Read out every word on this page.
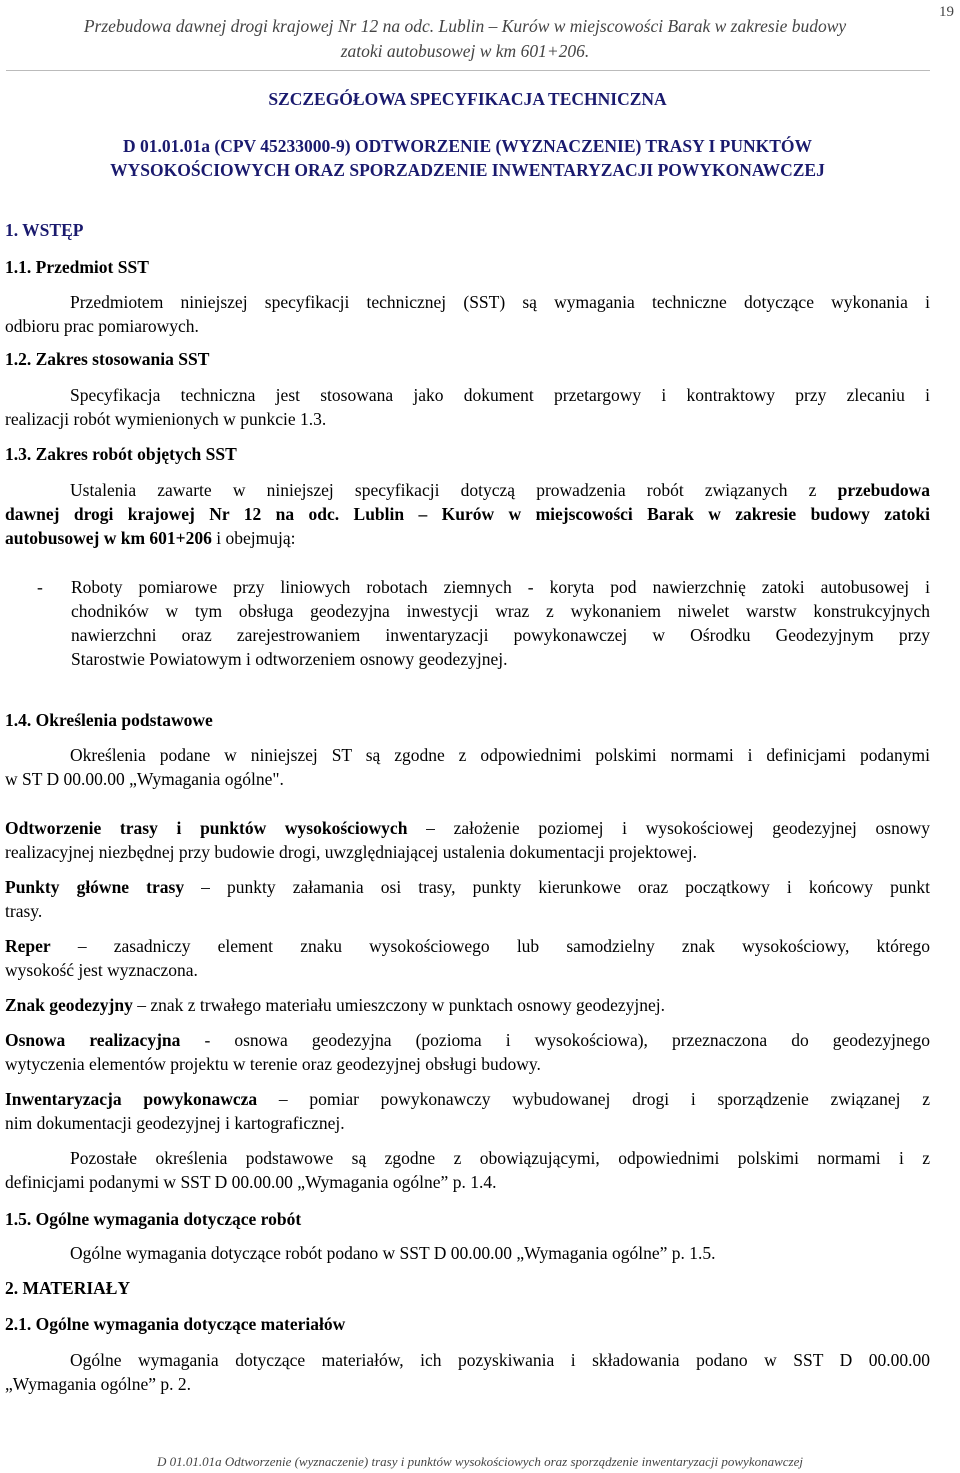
19
Przebudowa dawnej drogi krajowej Nr 12 na odc. Lublin – Kurów w miejscowości Barak w zakresie budowy
zatoki autobusowej w km 601+206.
SZCZEGÓŁOWA SPECYFIKACJA TECHNICZNA
D 01.01.01a (CPV 45233000-9) ODTWORZENIE (WYZNACZENIE) TRASY I PUNKTÓW
WYSOKOŚCIOWYCH ORAZ SPORZADZENIE INWENTARYZACJI POWYKONAWCZEJ
1. WSTĘP
1.1. Przedmiot SST
Przedmiotem niniejszej specyfikacji technicznej (SST) są wymagania techniczne dotyczące wykonania i
odbioru prac pomiarowych.
1.2. Zakres stosowania SST
Specyfikacja techniczna jest stosowana jako dokument przetargowy i kontraktowy przy zlecaniu i
realizacji robót wymienionych w punkcie 1.3.
1.3. Zakres robót objętych SST
Ustalenia zawarte w niniejszej specyfikacji dotyczą prowadzenia robót związanych z przebudowa
dawnej drogi krajowej Nr 12 na odc. Lublin – Kurów w miejscowości Barak w zakresie budowy zatoki
autobusowej w km 601+206 i obejmują:
- Roboty pomiarowe przy liniowych robotach ziemnych - koryta pod nawierzchnię zatoki autobusowej i
chodników w tym obsługa geodezyjna inwestycji wraz z wykonaniem niwelet warstw konstrukcyjnych
nawierzchni oraz zarejestrowaniem inwentaryzacji powykonawczej w Ośrodku Geodezyjnym przy
Starostwie Powiatowym i odtworzeniem osnowy geodezyjnej.
1.4. Określenia podstawowe
Określenia podane w niniejszej ST są zgodne z odpowiednimi polskimi normami i definicjami podanymi
w ST D 00.00.00 „Wymagania ogólne".
Odtworzenie trasy i punktów wysokościowych – założenie poziomej i wysokościowej geodezyjnej osnowy
realizacyjnej niezbędnej przy budowie drogi, uwzględniającej ustalenia dokumentacji projektowej.
Punkty główne trasy – punkty załamania osi trasy, punkty kierunkowe oraz początkowy i końcowy punkt
trasy.
Reper – zasadniczy element znaku wysokościowego lub samodzielny znak wysokościowy, którego
wysokość jest wyznaczona.
Znak geodezyjny – znak z trwałego materiału umieszczony w punktach osnowy geodezyjnej.
Osnowa realizacyjna - osnowa geodezyjna (pozioma i wysokościowa), przeznaczona do geodezyjnego
wytyczenia elementów projektu w terenie oraz geodezyjnej obsługi budowy.
Inwentaryzacja powykonawcza – pomiar powykonawczy wybudowanej drogi i sporządzenie związanej z
nim dokumentacji geodezyjnej i kartograficznej.
Pozostałe określenia podstawowe są zgodne z obowiązującymi, odpowiednimi polskimi normami i z
definicjami podanymi w SST D 00.00.00 „Wymagania ogólne” p. 1.4.
1.5. Ogólne wymagania dotyczące robót
Ogólne wymagania dotyczące robót podano w SST D 00.00.00 „Wymagania ogólne” p. 1.5.
2. MATERIAŁY
2.1. Ogólne wymagania dotyczące materiałów
Ogólne wymagania dotyczące materiałów, ich pozyskiwania i składowania podano w SST D 00.00.00
„Wymagania ogólne” p. 2.
D 01.01.01a Odtworzenie (wyznaczenie) trasy i punktów wysokościowych oraz sporządzenie inwentaryzacji powykonawczej
